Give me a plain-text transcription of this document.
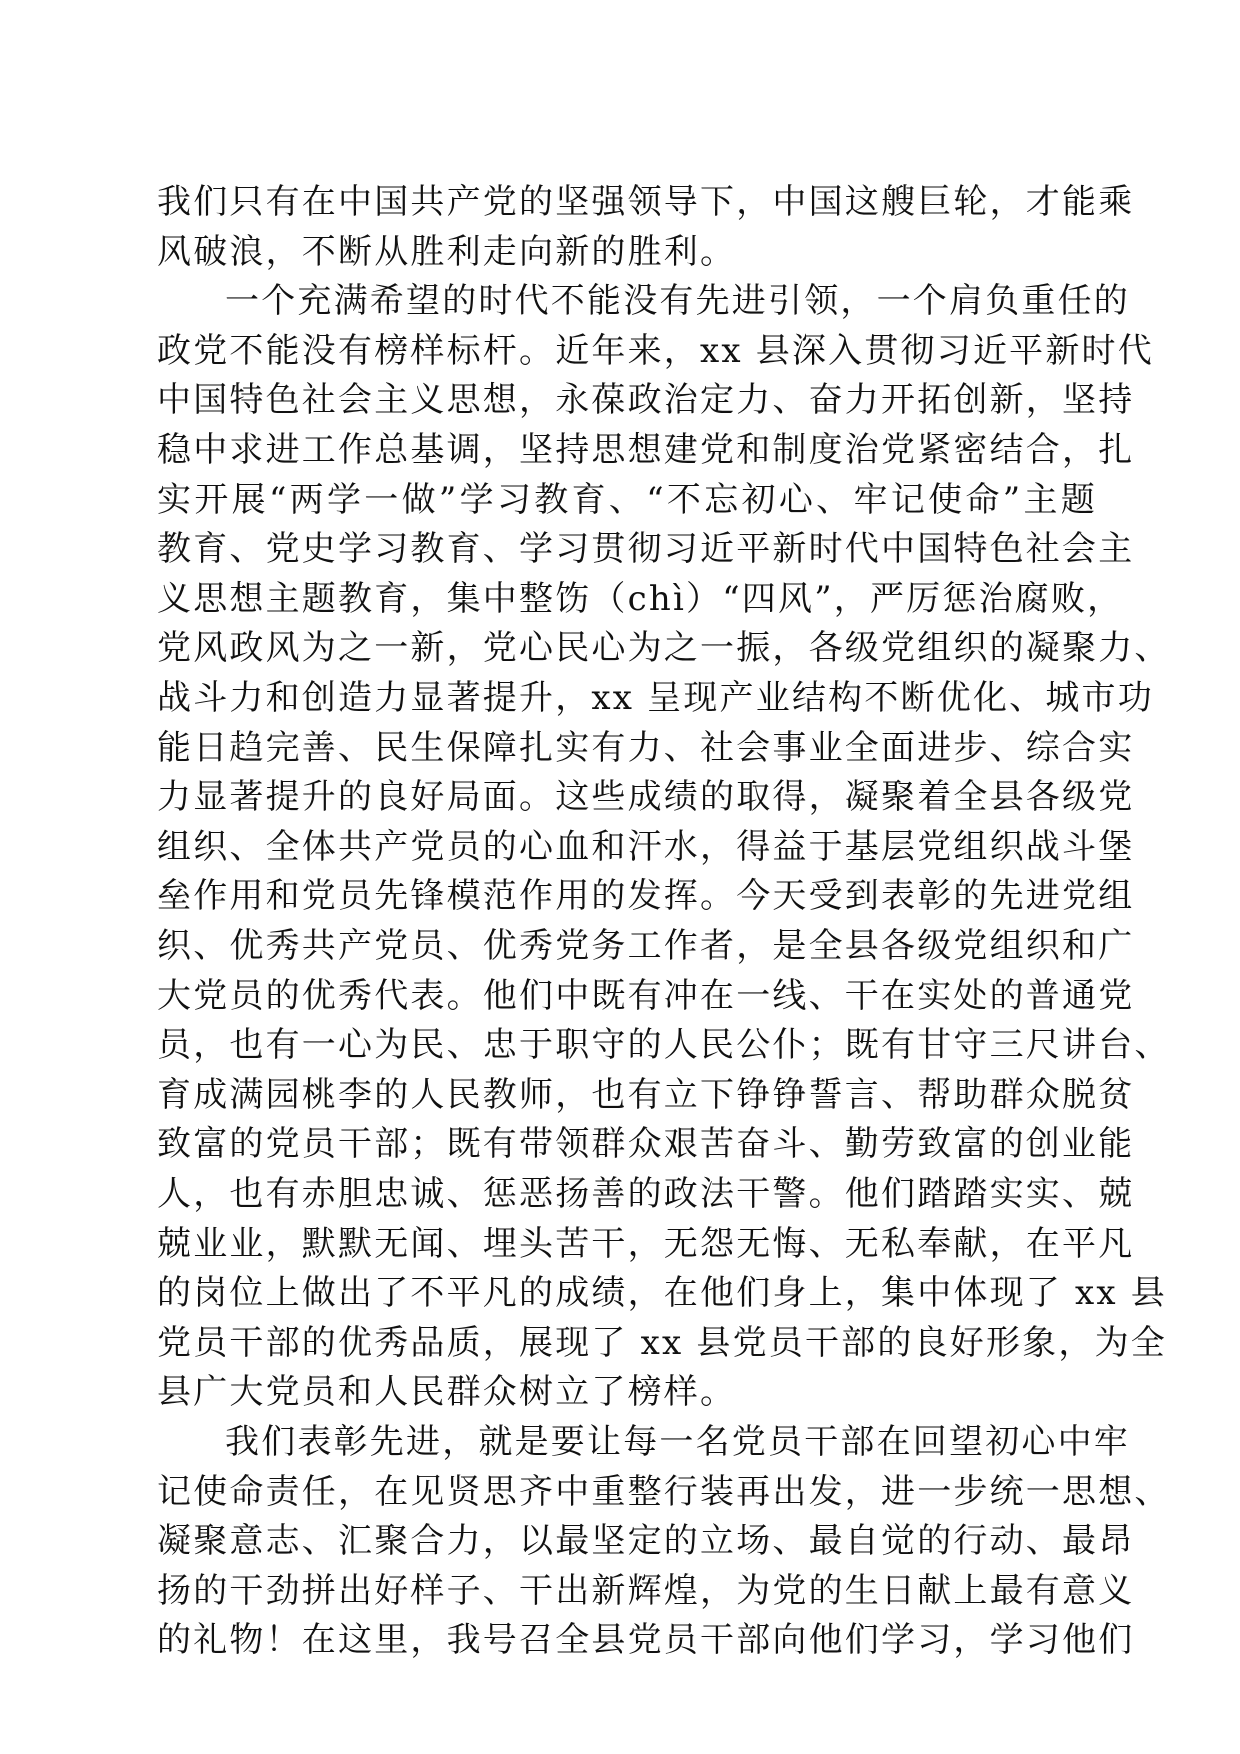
我们只有在中国共产党的坚强领导下，中国这艘巨轮，才能乘
风破浪，不断从胜利走向新的胜利。
一个充满希望的时代不能没有先进引领，一个肩负重任的
政党不能没有榜样标杆。近年来，xx 县深入贯彻习近平新时代
中国特色社会主义思想，永葆政治定力、奋力开拓创新，坚持
稳中求进工作总基调，坚持思想建党和制度治党紧密结合，扎
实开展“两学一做”学习教育、“不忘初心、牢记使命”主题
教育、党史学习教育、学习贯彻习近平新时代中国特色社会主
义思想主题教育，集中整饬（chì）“四风”，严厉惩治腐败，
党风政风为之一新，党心民心为之一振，各级党组织的凝聚力、
战斗力和创造力显著提升，xx 呈现产业结构不断优化、城市功
能日趋完善、民生保障扎实有力、社会事业全面进步、综合实
力显著提升的良好局面。这些成绩的取得，凝聚着全县各级党
组织、全体共产党员的心血和汗水，得益于基层党组织战斗堡
垒作用和党员先锋模范作用的发挥。今天受到表彰的先进党组
织、优秀共产党员、优秀党务工作者，是全县各级党组织和广
大党员的优秀代表。他们中既有冲在一线、干在实处的普通党
员，也有一心为民、忠于职守的人民公仆；既有甘守三尺讲台、
育成满园桃李的人民教师，也有立下铮铮誓言、帮助群众脱贫
致富的党员干部；既有带领群众艰苦奋斗、勤劳致富的创业能
人，也有赤胆忠诚、惩恶扬善的政法干警。他们踏踏实实、兢
兢业业，默默无闻、埋头苦干，无怨无悔、无私奉献，在平凡
的岗位上做出了不平凡的成绩，在他们身上，集中体现了 xx 县
党员干部的优秀品质，展现了 xx 县党员干部的良好形象，为全
县广大党员和人民群众树立了榜样。
我们表彰先进，就是要让每一名党员干部在回望初心中牢
记使命责任，在见贤思齐中重整行装再出发，进一步统一思想、
凝聚意志、汇聚合力，以最坚定的立场、最自觉的行动、最昂
扬的干劲拼出好样子、干出新辉煌，为党的生日献上最有意义
的礼物！在这里，我号召全县党员干部向他们学习，学习他们
